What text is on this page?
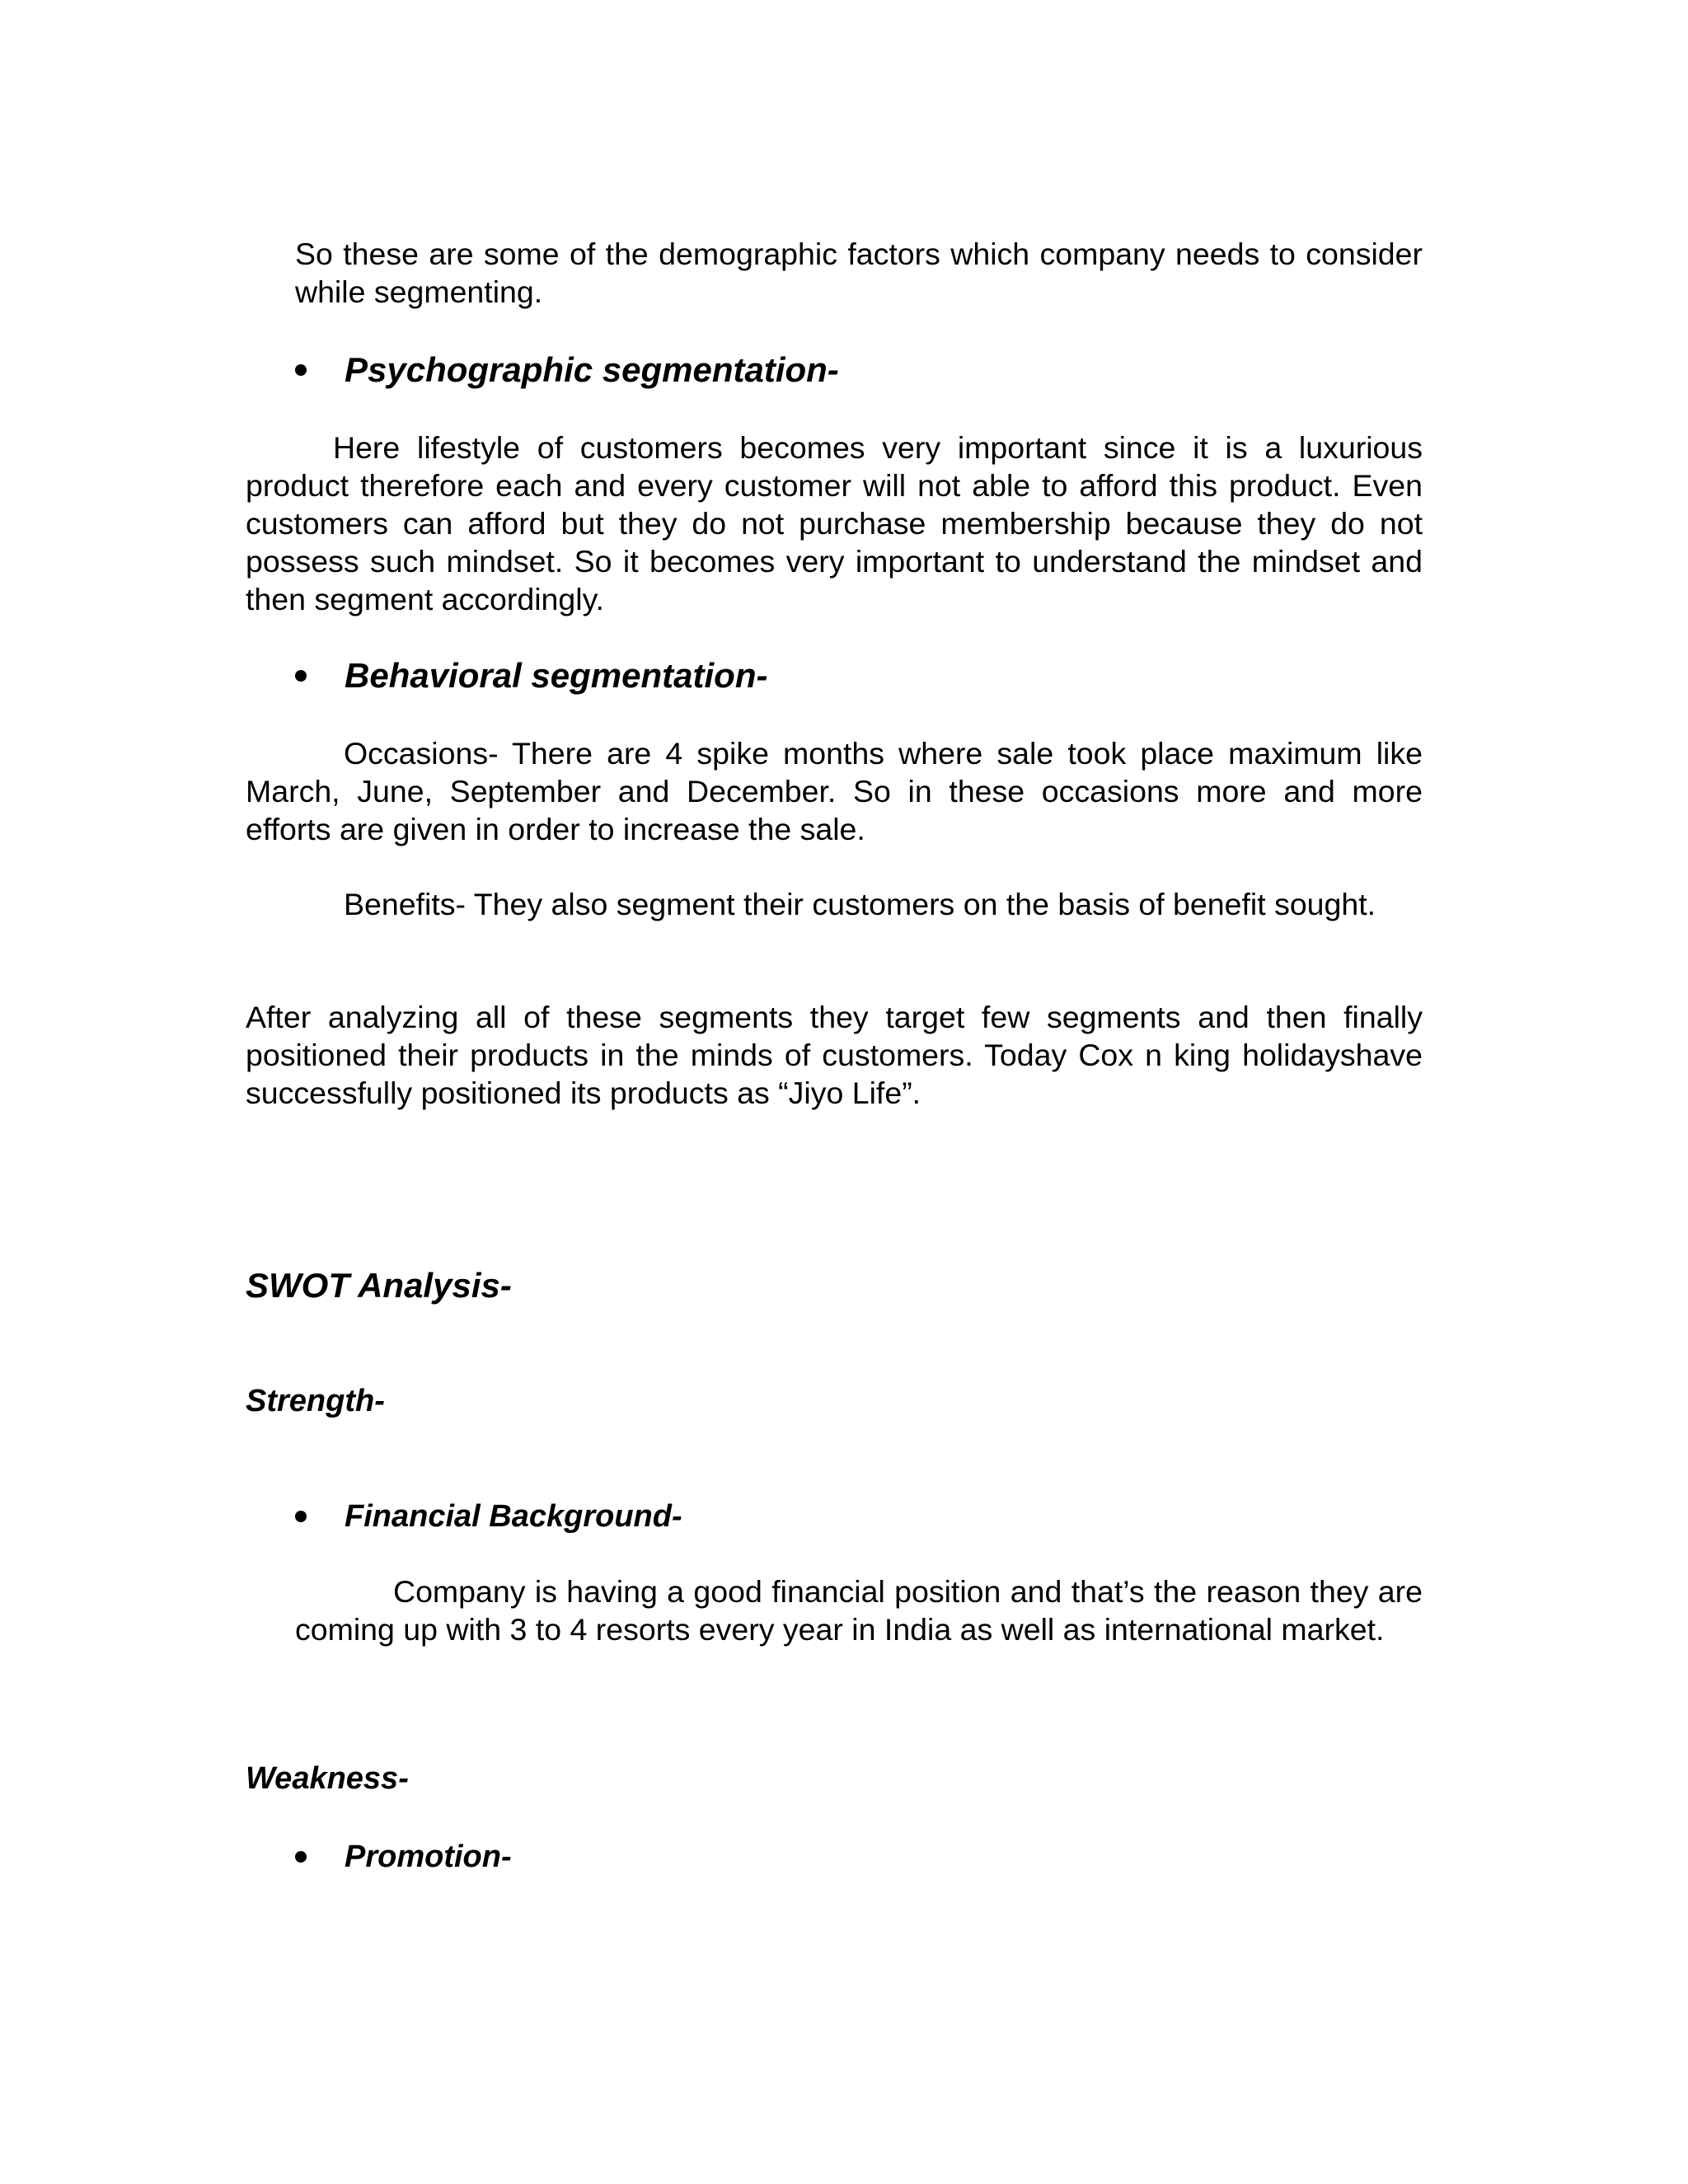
So these are some of the demographic factors which company needs to consider while segmenting.

Psychographic segmentation-

Here lifestyle of customers becomes very important since it is a luxurious product therefore each and every customer will not able to afford this product. Even customers can afford but they do not purchase membership because they do not possess such mindset. So it becomes very important to understand the mindset and then segment accordingly.

Behavioral segmentation-

Occasions- There are 4 spike months where sale took place maximum like March, June, September and December. So in these occasions more and more efforts are given in order to increase the sale.

Benefits- They also segment their customers on the basis of benefit sought.

After analyzing all of these segments they target few segments and then finally positioned their products in the minds of customers. Today Cox n king holidayshave successfully positioned its products as “Jiyo Life”.

SWOT Analysis-
Strength-
Financial Background-

Company is having a good financial position and that’s the reason they are coming up with 3 to 4 resorts every year in India as well as international market.

Weakness-
Promotion-
